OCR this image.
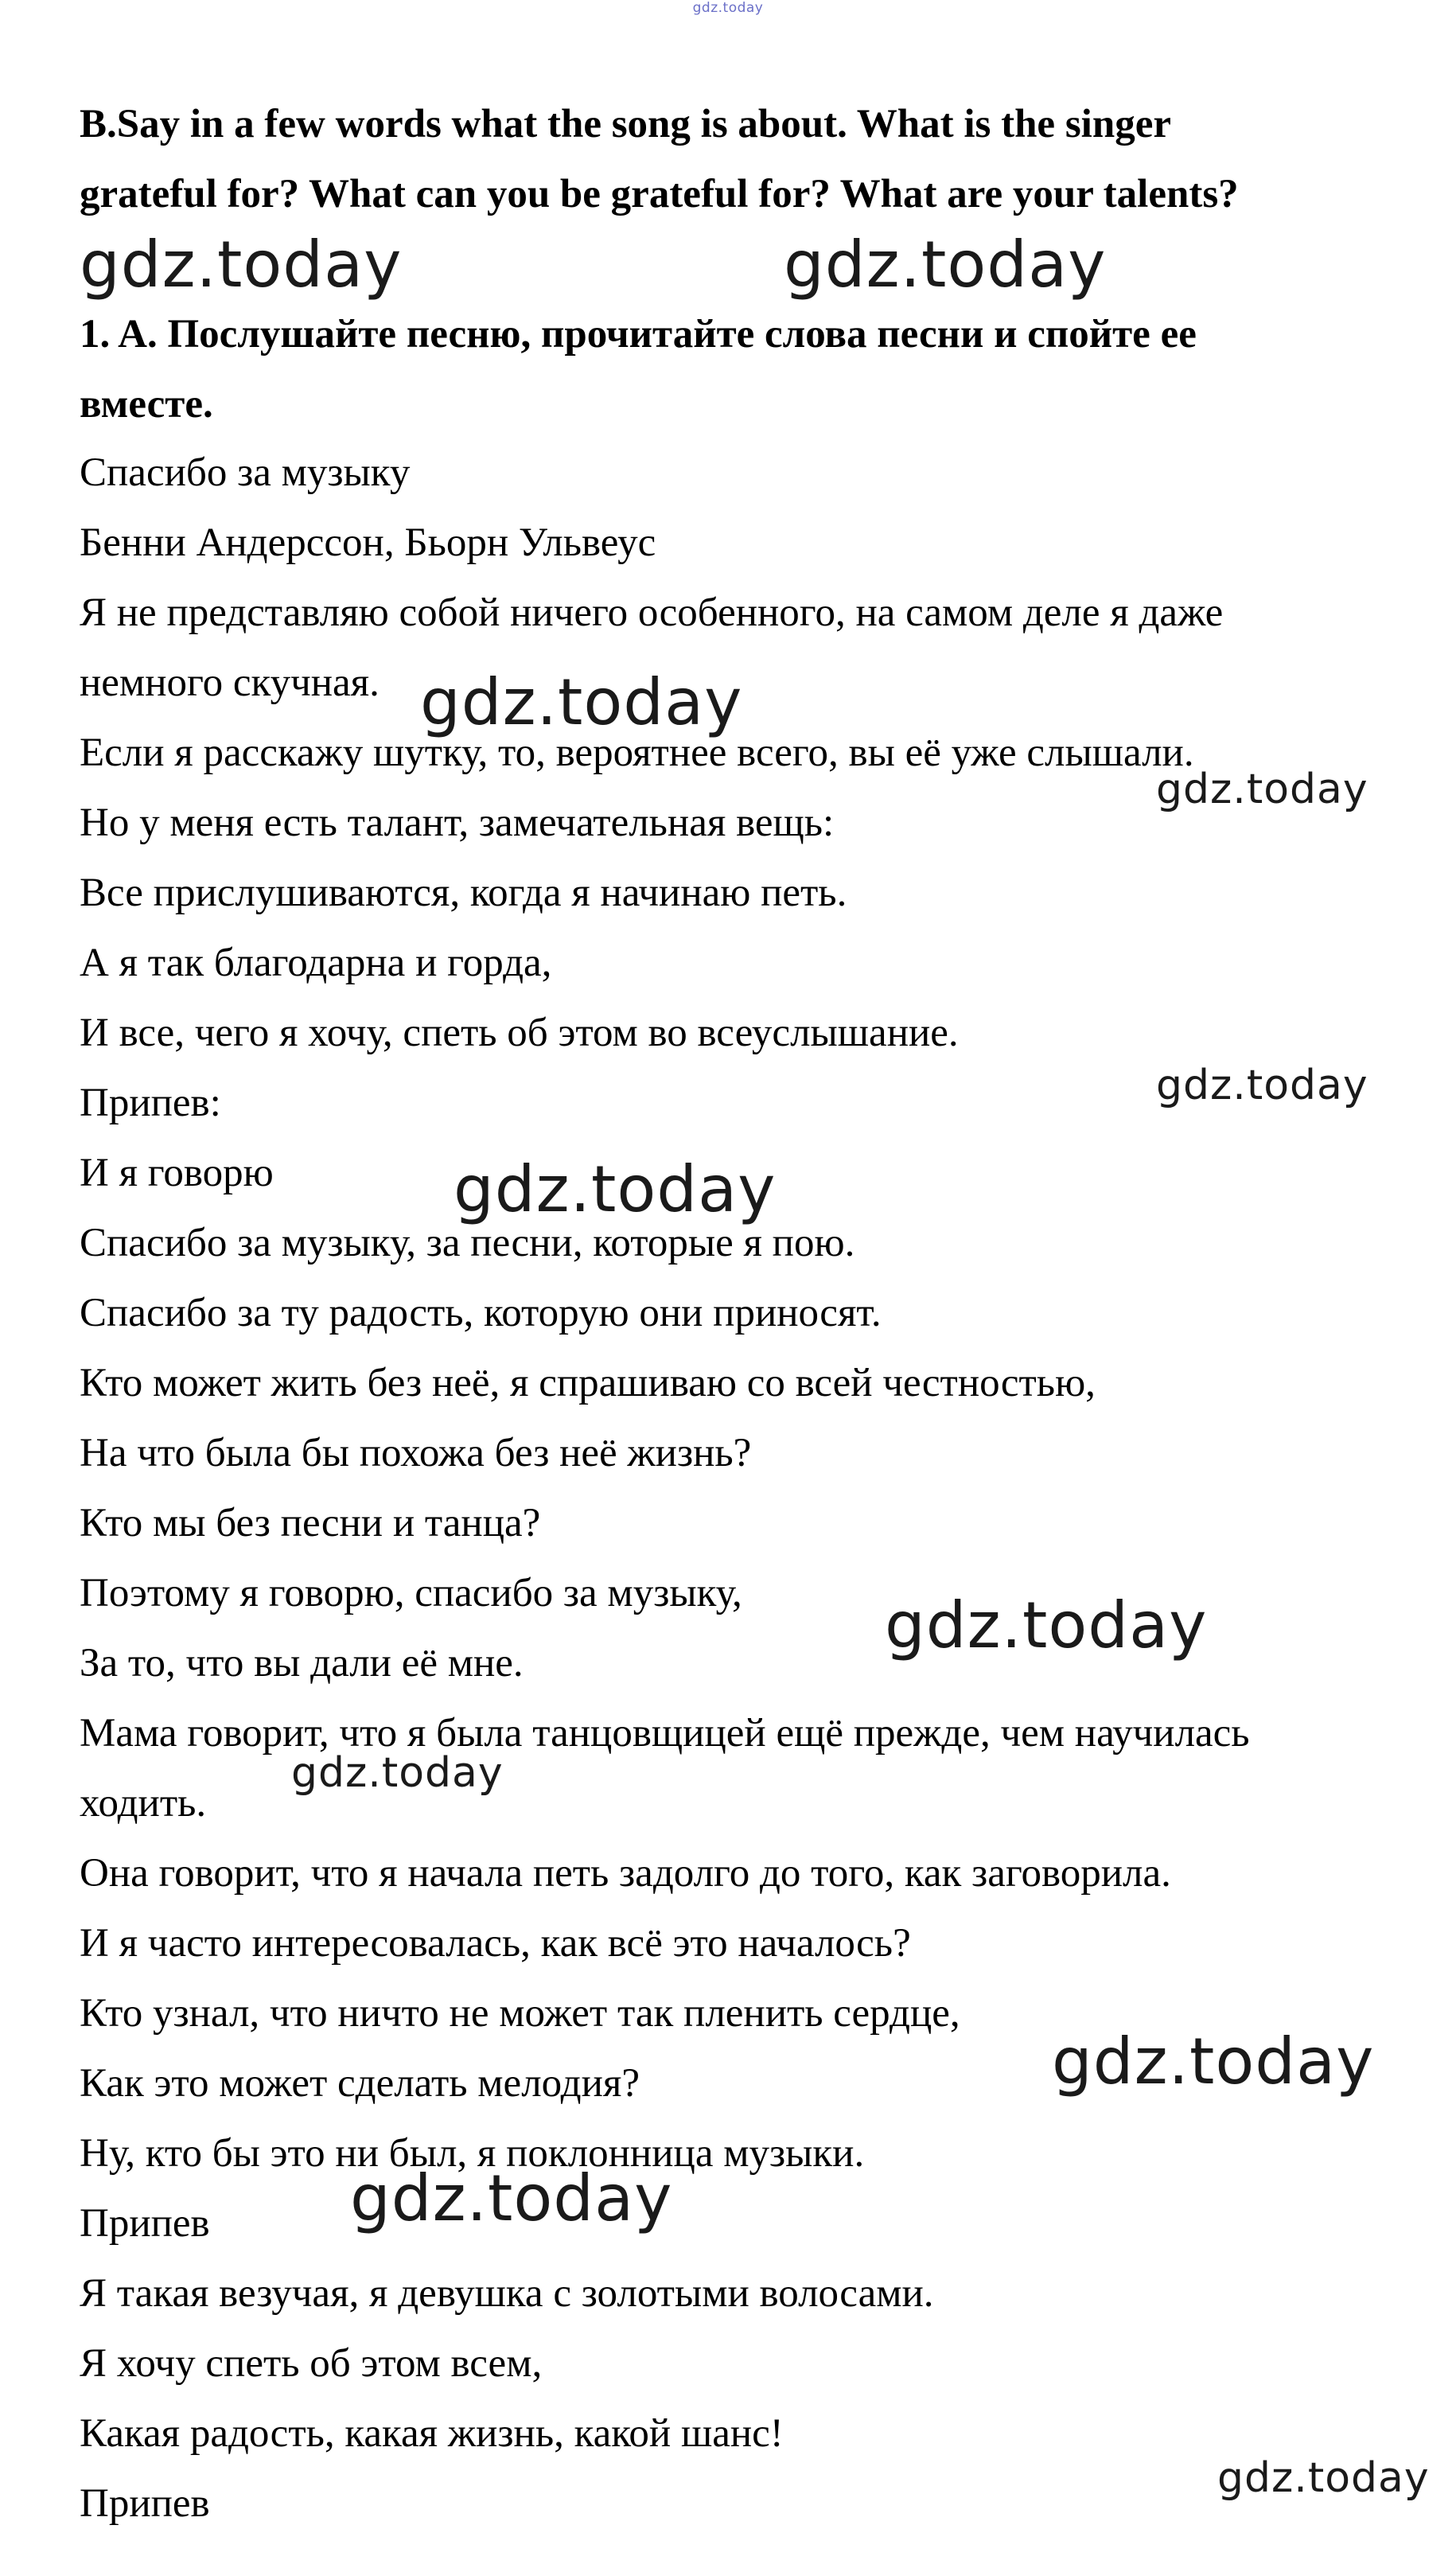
gdz.today
B.Say in a few words what the song is about. What is the singer
grateful for? What can you be grateful for? What are your talents?
1. A. Послушайте песню, прочитайте слова песни и спойте ее
вместе.
Спасибо за музыку
Бенни Андерссон, Бьорн Ульвеус
Я не представляю собой ничего особенного, на самом деле я даже
немного скучная.
Если я расскажу шутку, то, вероятнее всего, вы её уже слышали.
Но у меня есть талант, замечательная вещь:
Все прислушиваются, когда я начинаю петь.
А я так благодарна и горда,
И все, чего я хочу, спеть об этом во всеуслышание.
Припев:
И я говорю
Спасибо за музыку, за песни, которые я пою.
Спасибо за ту радость, которую они приносят.
Кто может жить без неё, я спрашиваю со всей честностью,
На что была бы похожа без неё жизнь?
Кто мы без песни и танца?
Поэтому я говорю, спасибо за музыку,
За то, что вы дали её мне.
Мама говорит, что я была танцовщицей ещё прежде, чем научилась
ходить.
Она говорит, что я начала петь задолго до того, как заговорила.
И я часто интересовалась, как всё это началось?
Кто узнал, что ничто не может так пленить сердце,
Как это может сделать мелодия?
Ну, кто бы это ни был, я поклонница музыки.
Припев
Я такая везучая, я девушка с золотыми волосами.
Я хочу спеть об этом всем,
Какая радость, какая жизнь, какой шанс!
Припев
gdz.today	gdz.today
gdz.today
gdz.today
gdz.today
gdz.today
gdz.today
gdz.today
gdz.today
gdz.today
gdz.today
